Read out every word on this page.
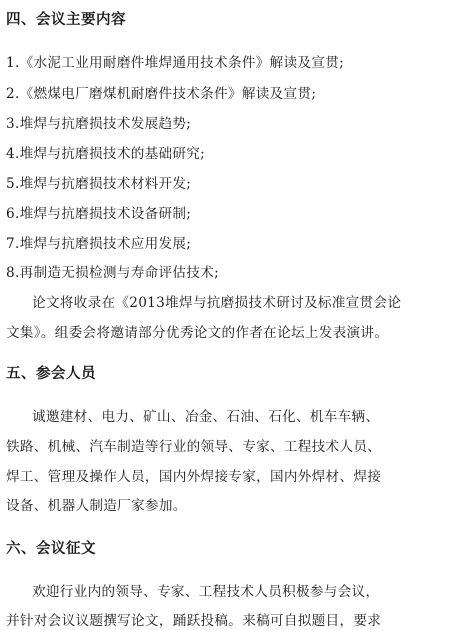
四、会议主要内容
1.《水泥工业用耐磨件堆焊通用技术条件》解读及宣贯;
2.《燃煤电厂磨煤机耐磨件技术条件》解读及宣贯;
3.堆焊与抗磨损技术发展趋势;
4.堆焊与抗磨损技术的基础研究;
5.堆焊与抗磨损技术材料开发;
6.堆焊与抗磨损技术设备研制;
7.堆焊与抗磨损技术应用发展;
8.再制造无损检测与寿命评估技术;
论文将收录在《2013堆焊与抗磨损技术研讨及标准宣贯会论
文集》。组委会将邀请部分优秀论文的作者在论坛上发表演讲。
五、参会人员
诚邀建材、电力、矿山、冶金、石油、石化、机车车辆、
铁路、机械、汽车制造等行业的领导、专家、工程技术人员、
焊工、管理及操作人员，国内外焊接专家，国内外焊材、焊接
设备、机器人制造厂家参加。
六、会议征文
欢迎行业内的领导、专家、工程技术人员积极参与会议，
并针对会议议题撰写论文，踊跃投稿。来稿可自拟题目，要求
